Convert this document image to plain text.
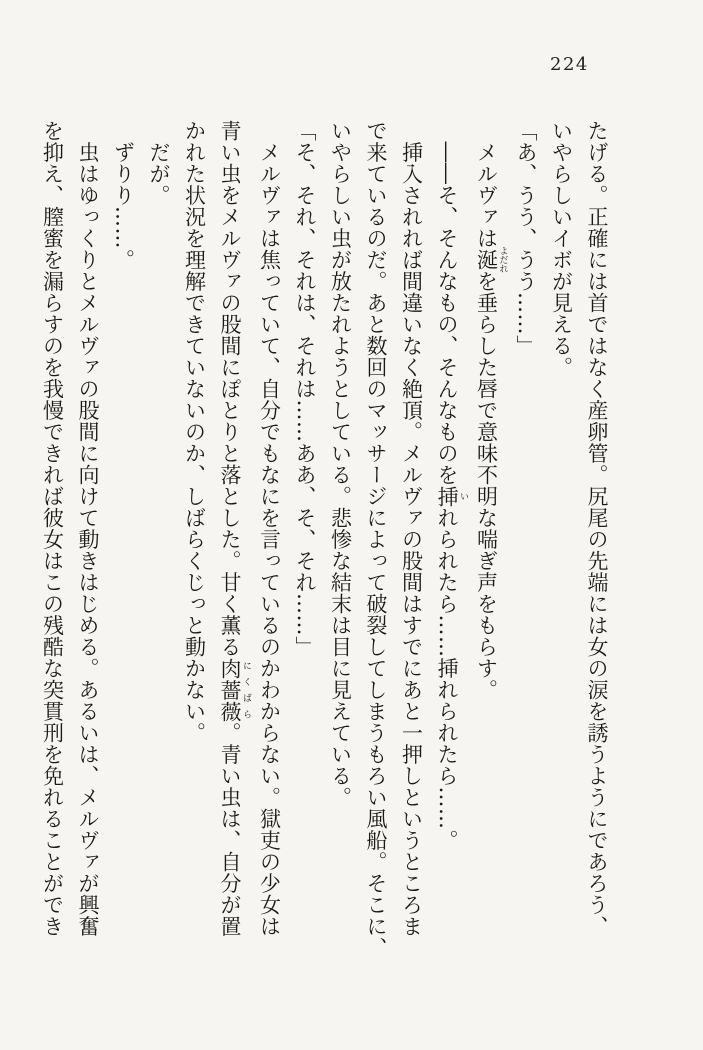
224

たげる。正確には首ではなく産卵管。尻尾の先端には女の涙を誘うようにであろう、

いやらしいイボが見える。

「あ、うう、うう……」

　メルヴァは涎 よだれを垂らした唇で意味不明な喘ぎ声をもらす。

　――そ、そんなもの、そんなものを挿 いれられたら……挿れられたら……。

　挿入されれば間違いなく絶頂。メルヴァの股間はすでにあと一押しというところま

で来ているのだ。あと数回のマッサージによって破裂してしまうもろい風船。そこに、

いやらしい虫が放たれようとしている。悲惨な結末は目に見えている。

「そ、それ、それは、それは……ああ、そ、それ……」

　メルヴァは焦っていて、自分でもなにを言っているのかわからない。獄吏の少女は

青い虫をメルヴァの股間にぽとりと落とした。甘く薫る肉薔薇 にくばら。青い虫は、自分が置

かれた状況を理解できていないのか、しばらくじっと動かない。

　だが。

　ずりり……。

　虫はゆっくりとメルヴァの股間に向けて動きはじめる。あるいは、メルヴァが興奮

を抑え、膣蜜を漏らすのを我慢できれば彼女はこの残酷な突貫刑を免れることができ
